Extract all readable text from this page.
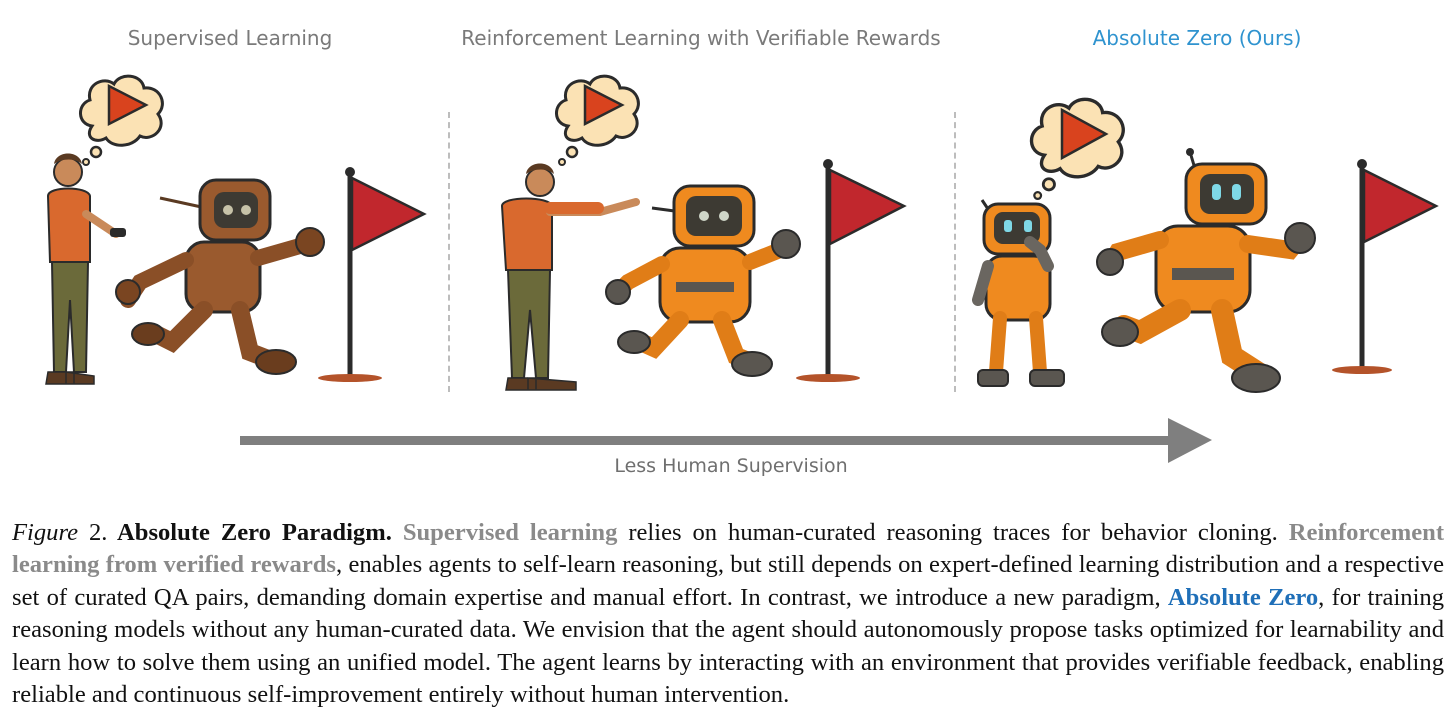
Supervised Learning	Reinforcement Learning with Verifiable Rewards	Absolute Zero (Ours)
Less Human Supervision
Figure 2. Absolute Zero Paradigm. Supervised learning relies on human-curated reasoning traces for behavior cloning. Reinforcement learning from verified rewards, enables agents to self-learn reasoning, but still depends on expert-defined learning distribution and a respective set of curated QA pairs, demanding domain expertise and manual effort. In contrast, we introduce a new paradigm, Absolute Zero, for training reasoning models without any human-curated data. We envision that the agent should autonomously propose tasks optimized for learnability and learn how to solve them using an unified model. The agent learns by interacting with an environment that provides verifiable feedback, enabling reliable and continuous self-improvement entirely without human intervention.
